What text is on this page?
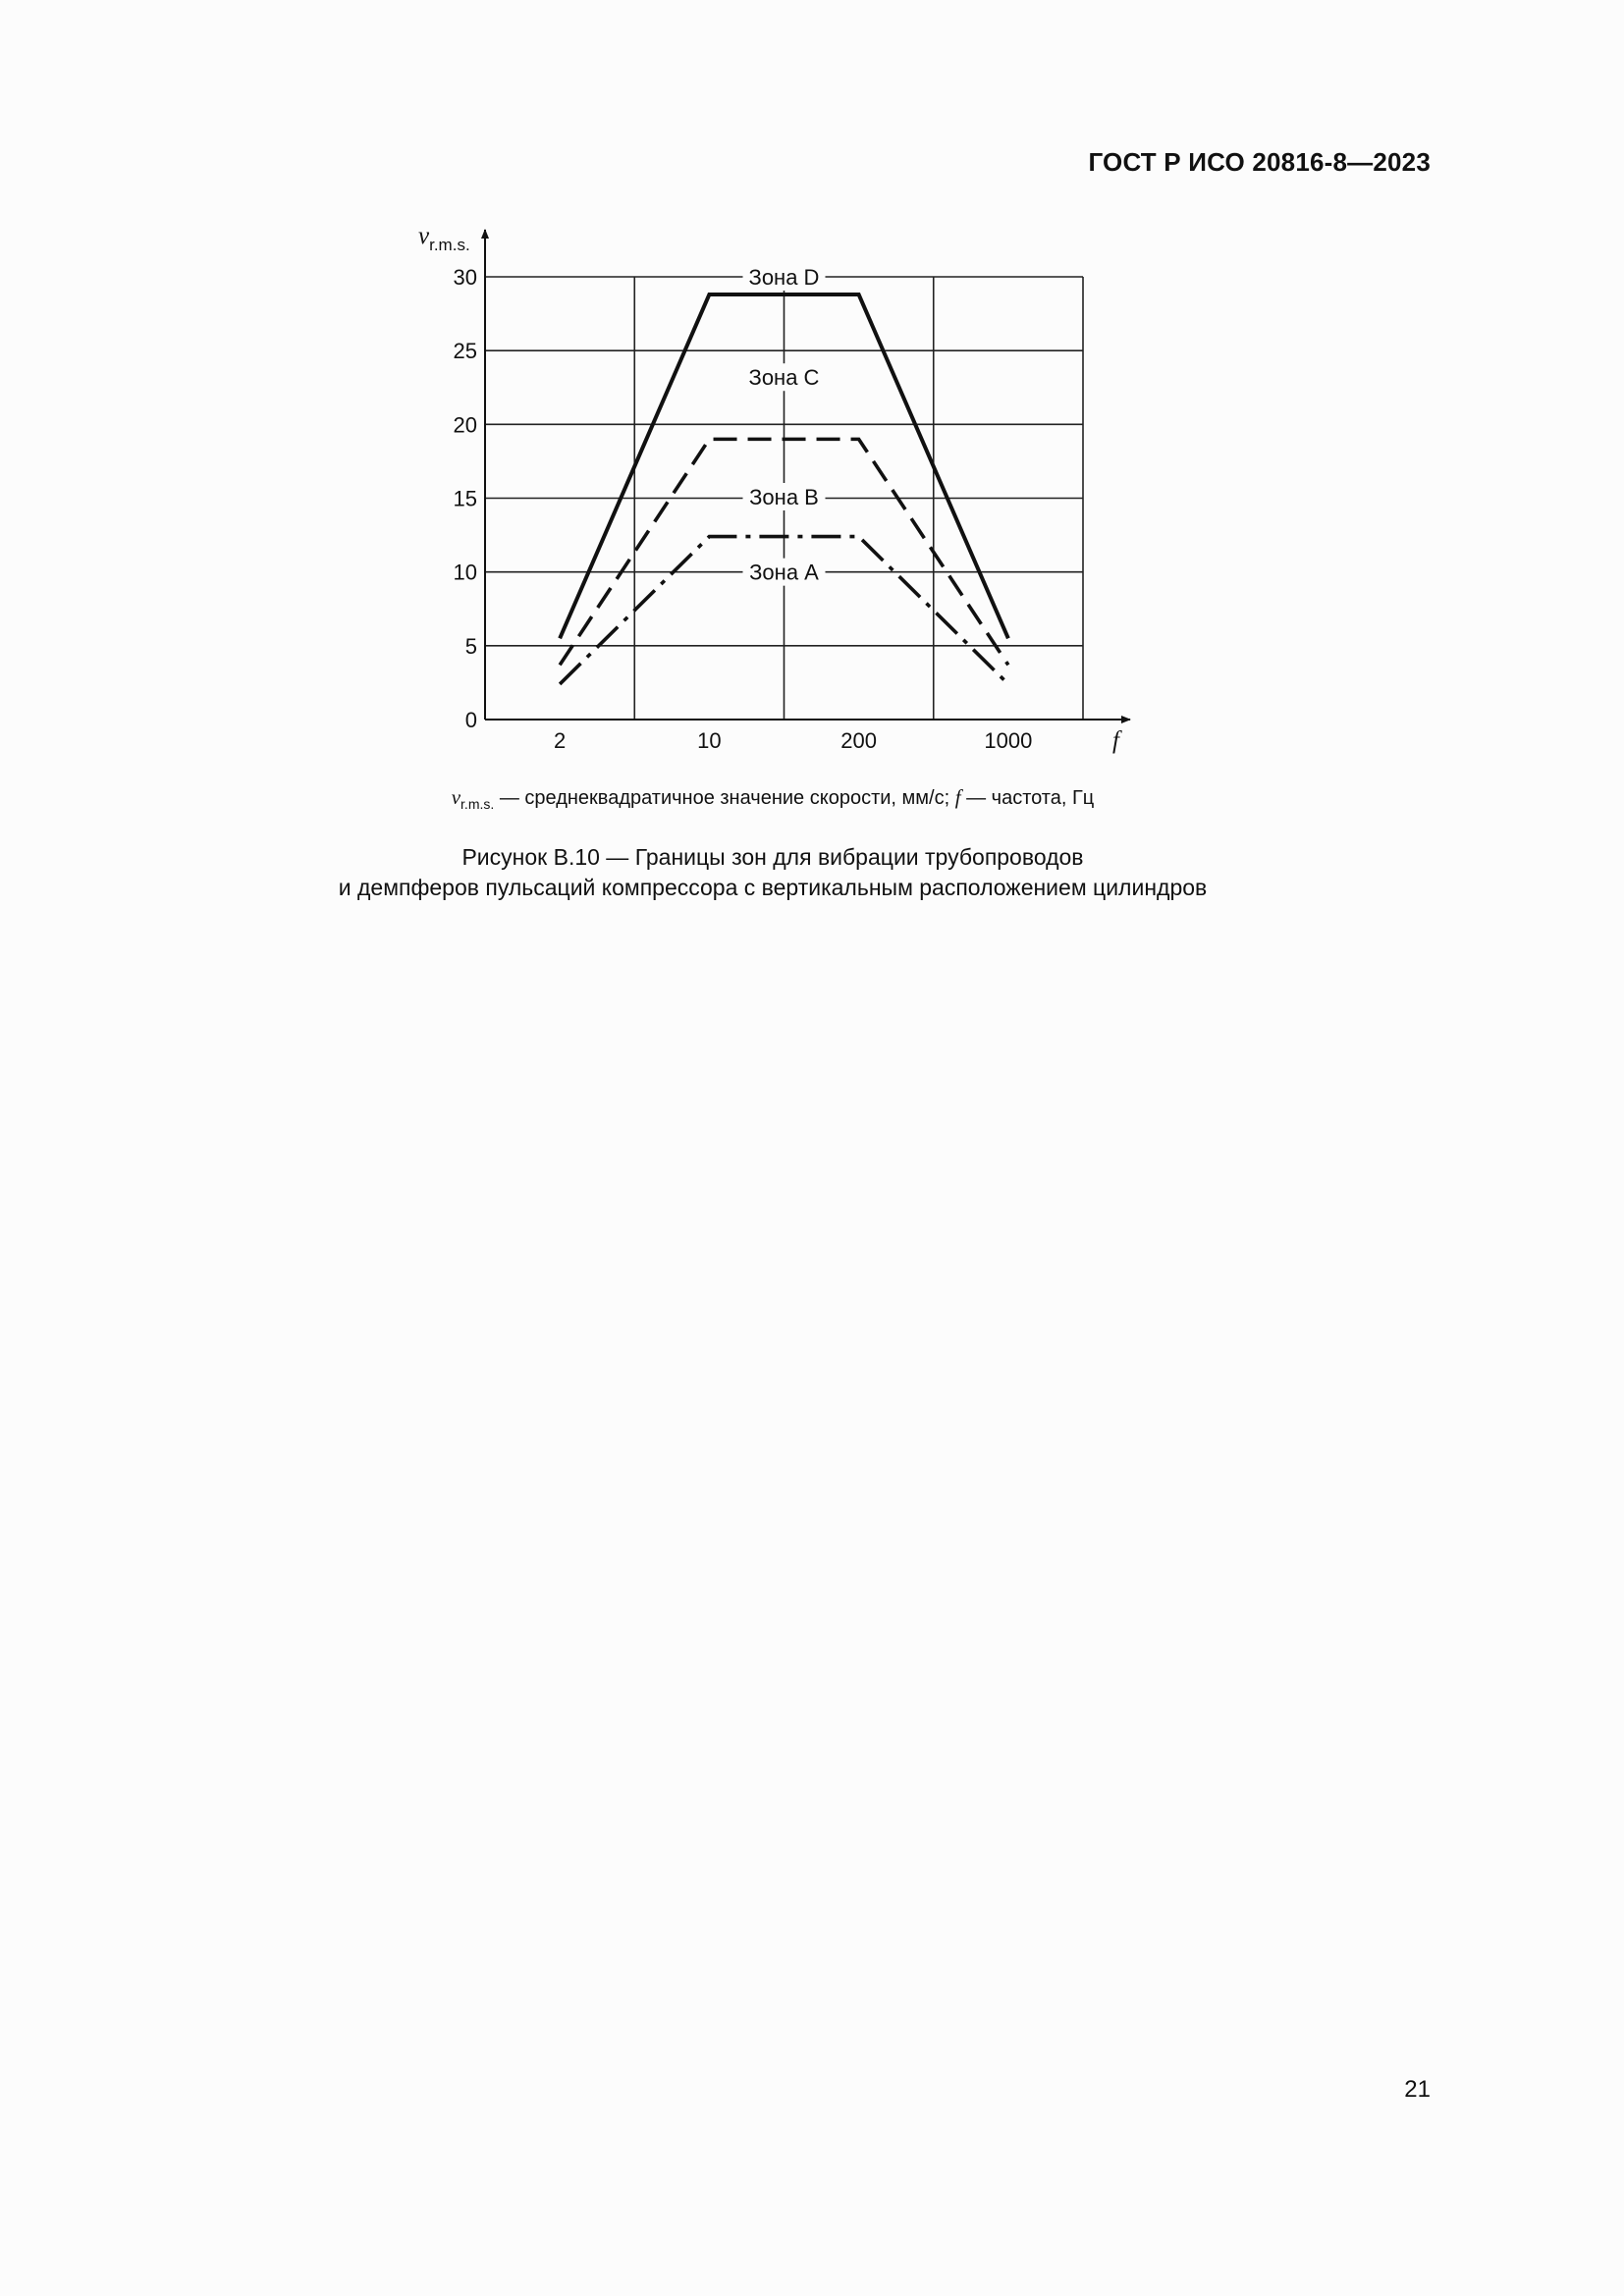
ГОСТ Р ИСО 20816-8—2023
0
5
10
15
20
25
30
2	10	200	1000
$v_{r.m.s.}$
f
Зона D
Зона С
Зона В
Зона А
$v_{r.m.s.}$ — среднеквадратичное значение скорости, мм/с; f — частота, Гц
Рисунок В.10 — Границы зон для вибрации трубопроводов
и демпферов пульсаций компрессора с вертикальным расположением цилиндров
21
